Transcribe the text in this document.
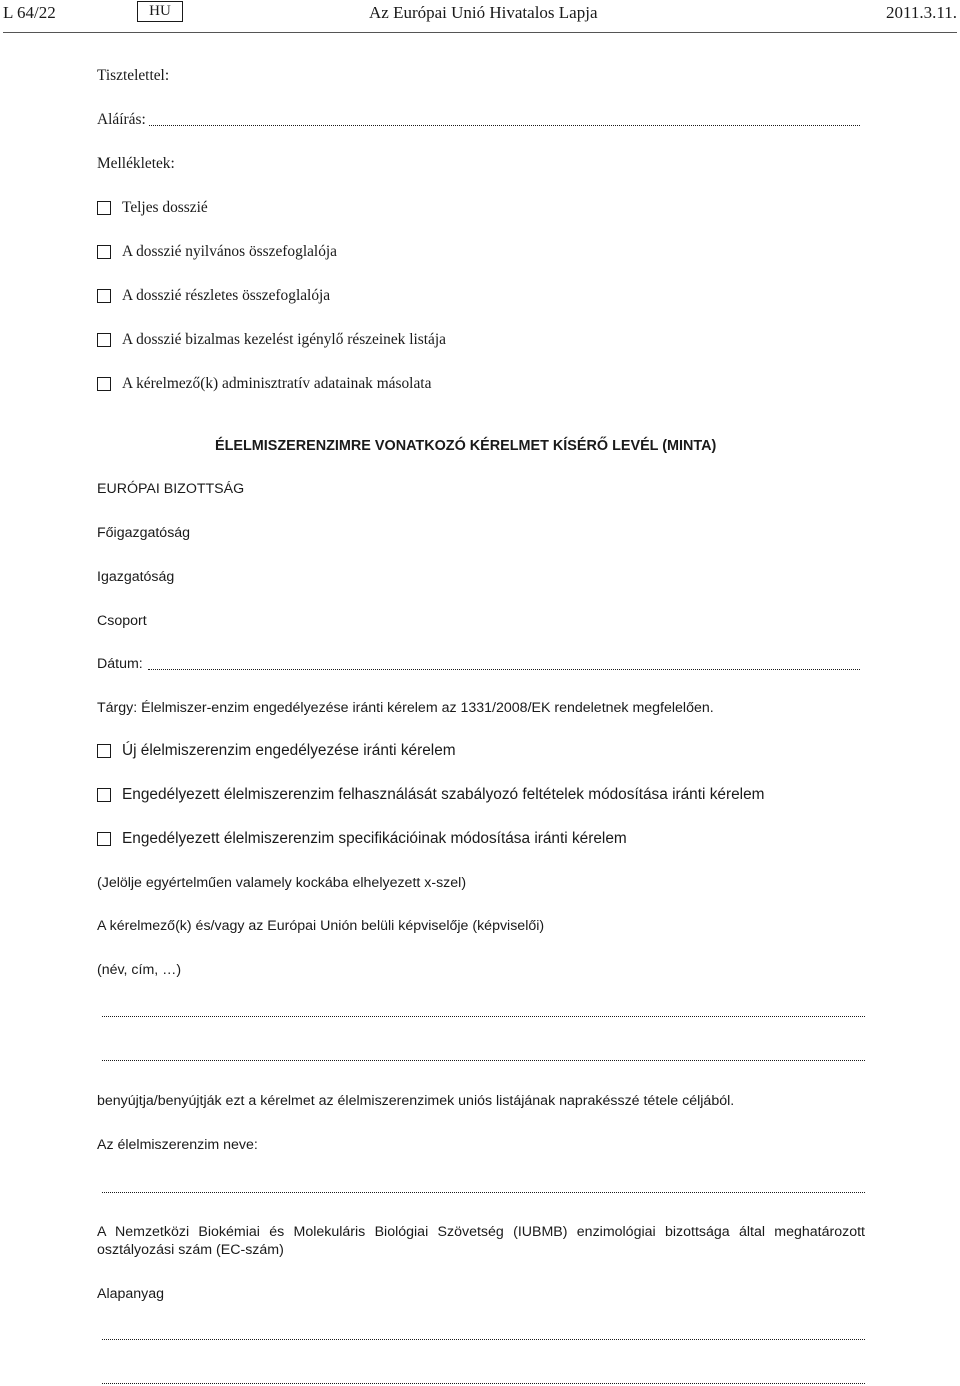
L 64/22	HU	Az Európai Unió Hivatalos Lapja	2011.3.11.
Tisztelettel:
Aláírás:
Mellékletek:
Teljes dosszié
A dosszié nyilvános összefoglalója
A dosszié részletes összefoglalója
A dosszié bizalmas kezelést igénylő részeinek listája
A kérelmező(k) adminisztratív adatainak másolata
ÉLELMISZERENZIMRE VONATKOZÓ KÉRELMET KÍSÉRŐ LEVÉL (MINTA)
EURÓPAI BIZOTTSÁG
Főigazgatóság
Igazgatóság
Csoport
Dátum:
Tárgy: Élelmiszer-enzim engedélyezése iránti kérelem az 1331/2008/EK rendeletnek megfelelően.
Új élelmiszerenzim engedélyezése iránti kérelem
Engedélyezett élelmiszerenzim felhasználását szabályozó feltételek módosítása iránti kérelem
Engedélyezett élelmiszerenzim specifikációinak módosítása iránti kérelem
(Jelölje egyértelműen valamely kockába elhelyezett x-szel)
A kérelmező(k) és/vagy az Európai Unión belüli képviselője (képviselői)
(név, cím, …)
benyújtja/benyújtják ezt a kérelmet az élelmiszerenzimek uniós listájának naprakésszé tétele céljából.
Az élelmiszerenzim neve:
A Nemzetközi Biokémiai és Molekuláris Biológiai Szövetség (IUBMB) enzimológiai bizottsága által meghatározott osztályozási szám (EC-szám)
Alapanyag
